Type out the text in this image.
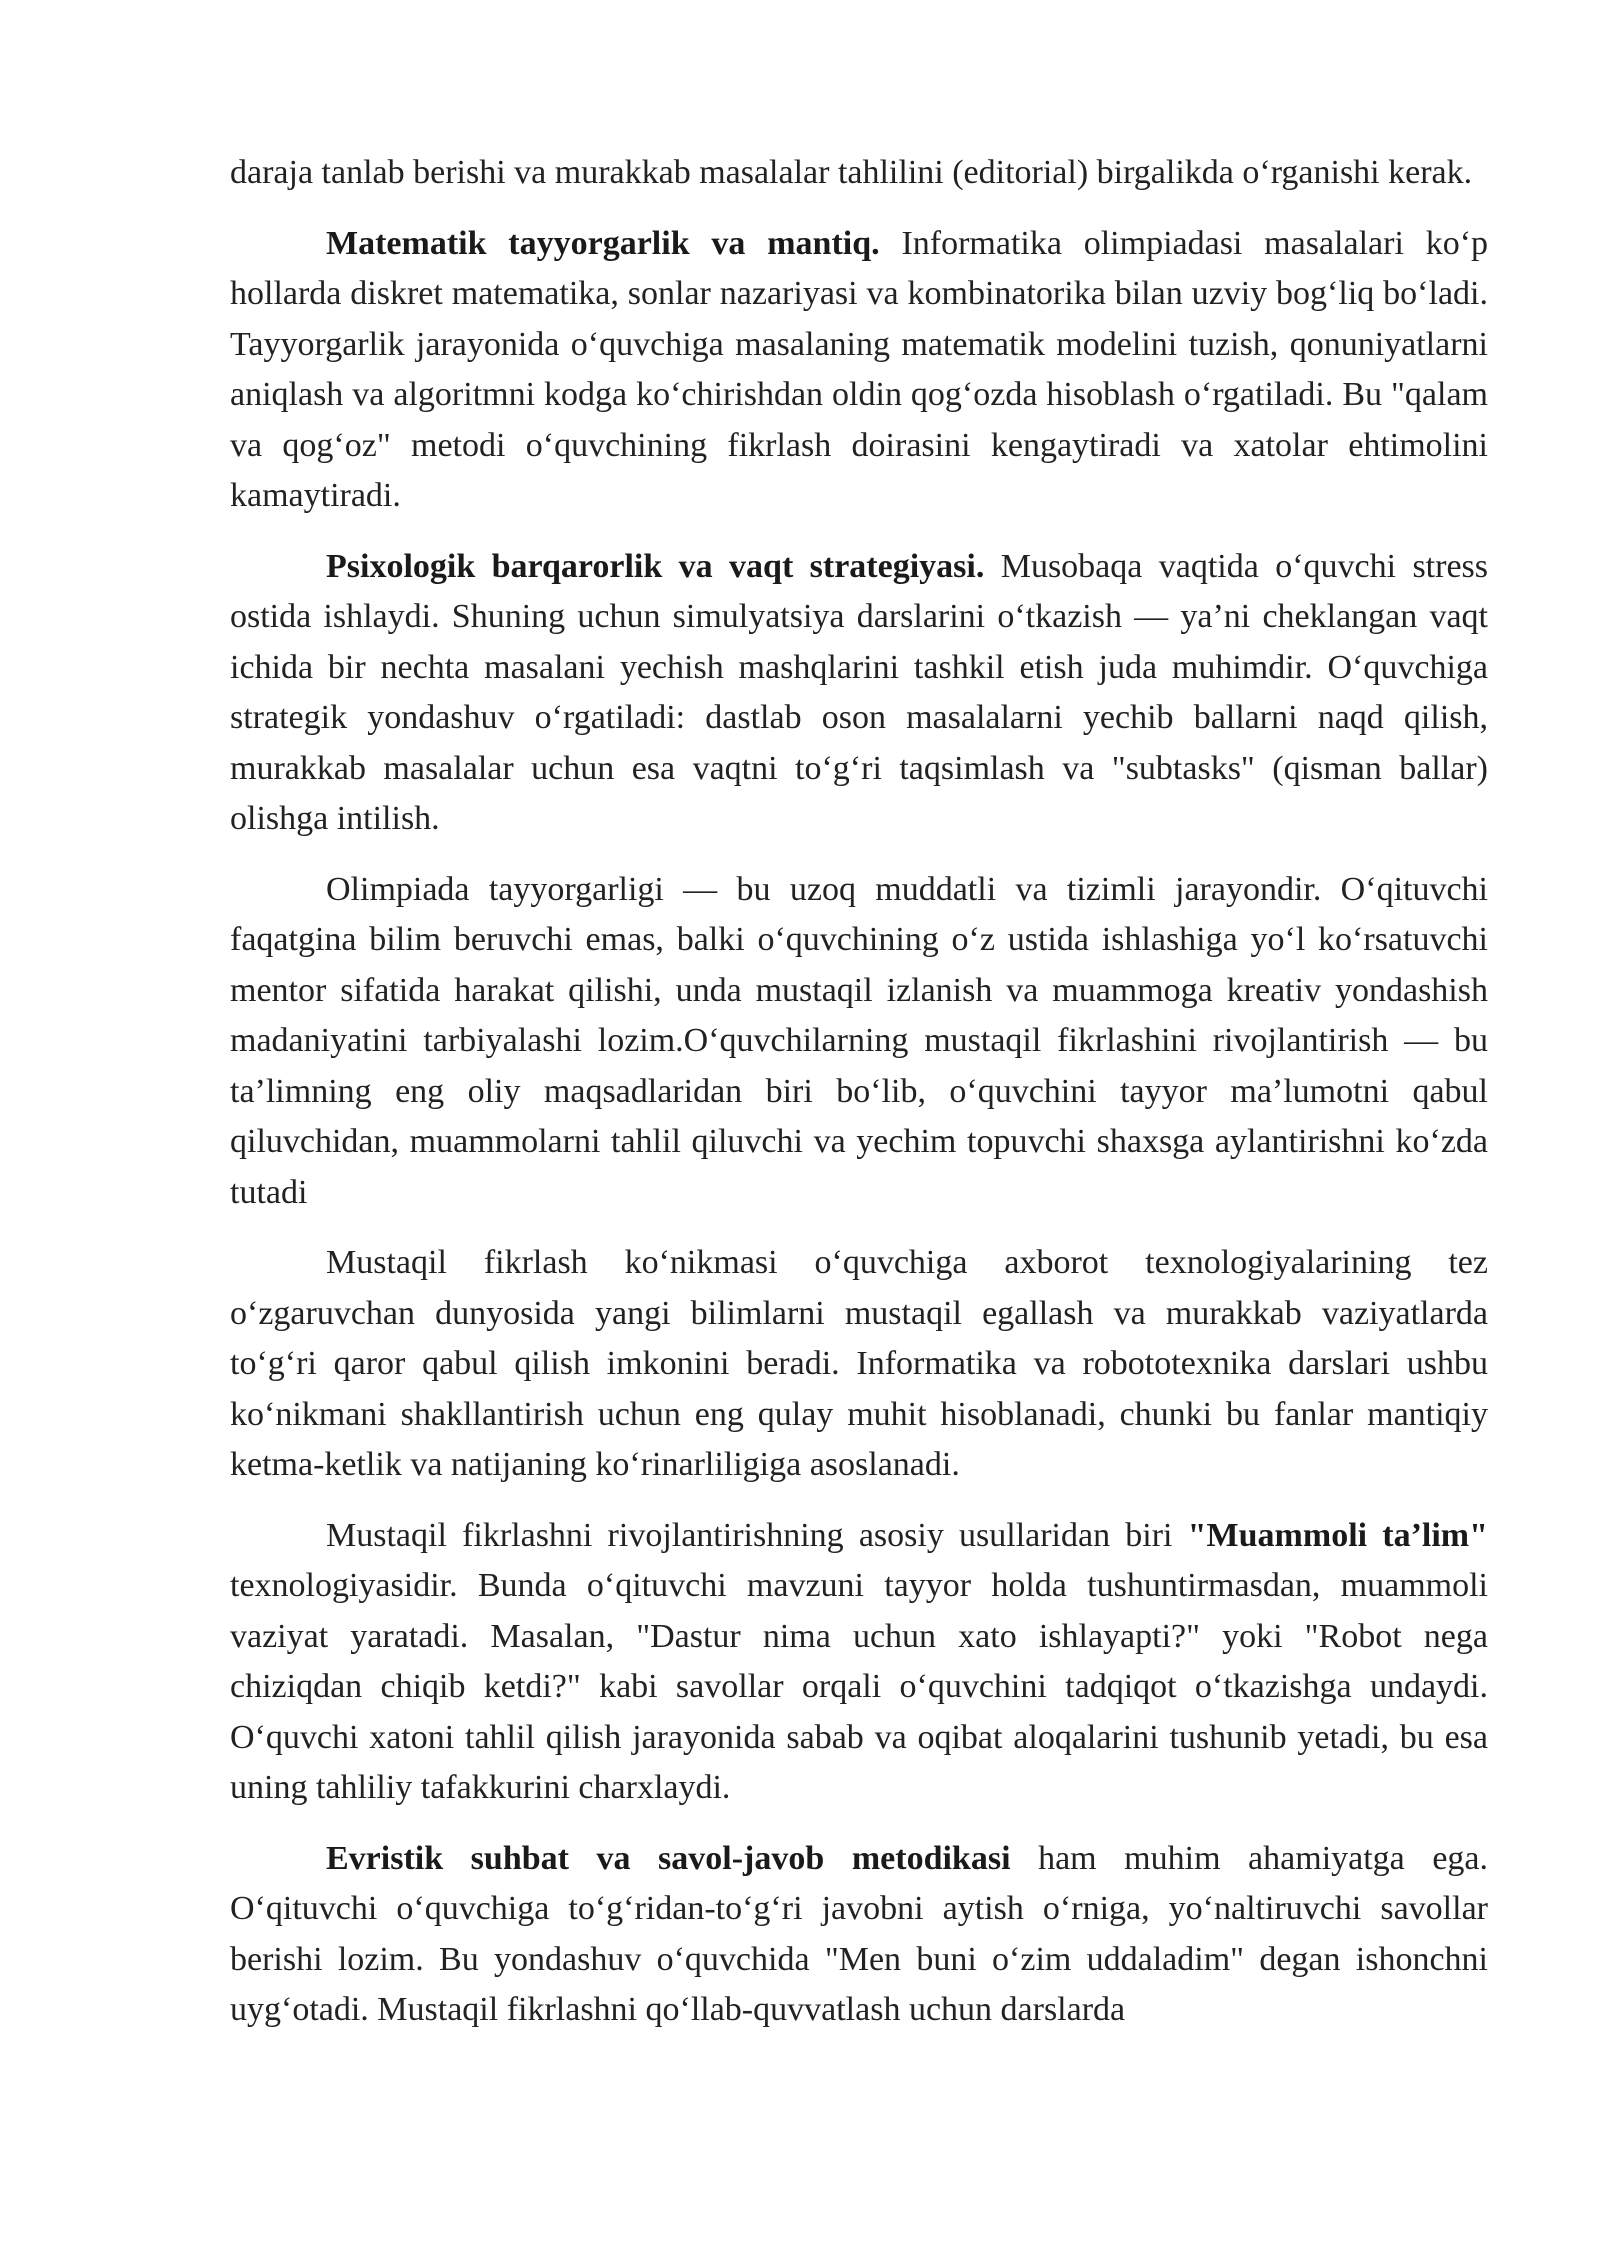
daraja tanlab berishi va murakkab masalalar tahlilini (editorial) birgalikda o‘rganishi kerak.

Matematik tayyorgarlik va mantiq. Informatika olimpiadasi masalalari ko‘p hollarda diskret matematika, sonlar nazariyasi va kombinatorika bilan uzviy bog‘liq bo‘ladi. Tayyorgarlik jarayonida o‘quvchiga masalaning matematik modelini tuzish, qonuniyatlarni aniqlash va algoritmni kodga ko‘chirishdan oldin qog‘ozda hisoblash o‘rgatiladi. Bu "qalam va qog‘oz" metodi o‘quvchining fikrlash doirasini kengaytiradi va xatolar ehtimolini kamaytiradi.

Psixologik barqarorlik va vaqt strategiyasi. Musobaqa vaqtida o‘quvchi stress ostida ishlaydi. Shuning uchun simulyatsiya darslarini o‘tkazish — ya’ni cheklangan vaqt ichida bir nechta masalani yechish mashqlarini tashkil etish juda muhimdir. O‘quvchiga strategik yondashuv o‘rgatiladi: dastlab oson masalalarni yechib ballarni naqd qilish, murakkab masalalar uchun esa vaqtni to‘g‘ri taqsimlash va "subtasks" (qisman ballar) olishga intilish.

Olimpiada tayyorgarligi — bu uzoq muddatli va tizimli jarayondir. O‘qituvchi faqatgina bilim beruvchi emas, balki o‘quvchining o‘z ustida ishlashiga yo‘l ko‘rsatuvchi mentor sifatida harakat qilishi, unda mustaqil izlanish va muammoga kreativ yondashish madaniyatini tarbiyalashi lozim.O‘quvchilarning mustaqil fikrlashini rivojlantirish — bu ta’limning eng oliy maqsadlaridan biri bo‘lib, o‘quvchini tayyor ma’lumotni qabul qiluvchidan, muammolarni tahlil qiluvchi va yechim topuvchi shaxsga aylantirishni ko‘zda tutadi

Mustaqil fikrlash ko‘nikmasi o‘quvchiga axborot texnologiyalarining tez o‘zgaruvchan dunyosida yangi bilimlarni mustaqil egallash va murakkab vaziyatlarda to‘g‘ri qaror qabul qilish imkonini beradi. Informatika va robototexnika darslari ushbu ko‘nikmani shakllantirish uchun eng qulay muhit hisoblanadi, chunki bu fanlar mantiqiy ketma-ketlik va natijaning ko‘rinarliligiga asoslanadi.

Mustaqil fikrlashni rivojlantirishning asosiy usullaridan biri "Muammoli ta’lim" texnologiyasidir. Bunda o‘qituvchi mavzuni tayyor holda tushuntirmasdan, muammoli vaziyat yaratadi. Masalan, "Dastur nima uchun xato ishlayapti?" yoki "Robot nega chiziqdan chiqib ketdi?" kabi savollar orqali o‘quvchini tadqiqot o‘tkazishga undaydi. O‘quvchi xatoni tahlil qilish jarayonida sabab va oqibat aloqalarini tushunib yetadi, bu esa uning tahliliy tafakkurini charxlaydi.

Evristik suhbat va savol-javob metodikasi ham muhim ahamiyatga ega. O‘qituvchi o‘quvchiga to‘g‘ridan-to‘g‘ri javobni aytish o‘rniga, yo‘naltiruvchi savollar berishi lozim. Bu yondashuv o‘quvchida "Men buni o‘zim uddaladim" degan ishonchni uyg‘otadi. Mustaqil fikrlashni qo‘llab-quvvatlash uchun darslarda
